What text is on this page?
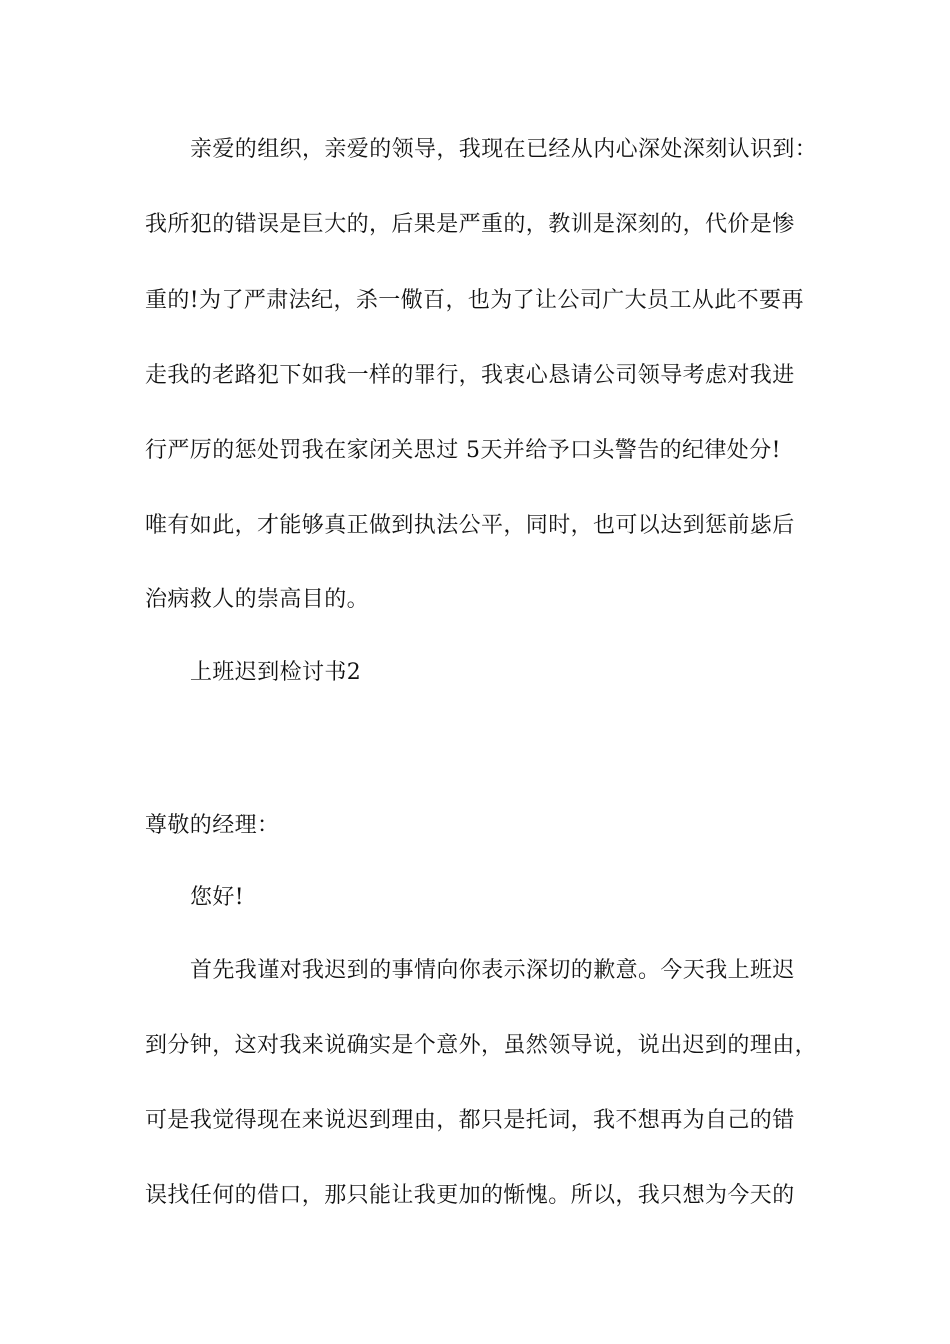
亲爱的组织，亲爱的领导，我现在已经从内心深处深刻认识到：
我所犯的错误是巨大的，后果是严重的，教训是深刻的，代价是惨
重的!为了严肃法纪，杀一儆百，也为了让公司广大员工从此不要再
走我的老路犯下如我一样的罪行，我衷心恳请公司领导考虑对我进
行严厉的惩处罚我在家闭关思过 5天并给予口头警告的纪律处分!
唯有如此，才能够真正做到执法公平，同时，也可以达到惩前毖后
治病救人的崇高目的。
上班迟到检讨书2
尊敬的经理：
您好!
首先我谨对我迟到的事情向你表示深切的歉意。今天我上班迟
到分钟，这对我来说确实是个意外，虽然领导说，说出迟到的理由，
可是我觉得现在来说迟到理由，都只是托词，我不想再为自己的错
误找任何的借口，那只能让我更加的惭愧。所以，我只想为今天的
